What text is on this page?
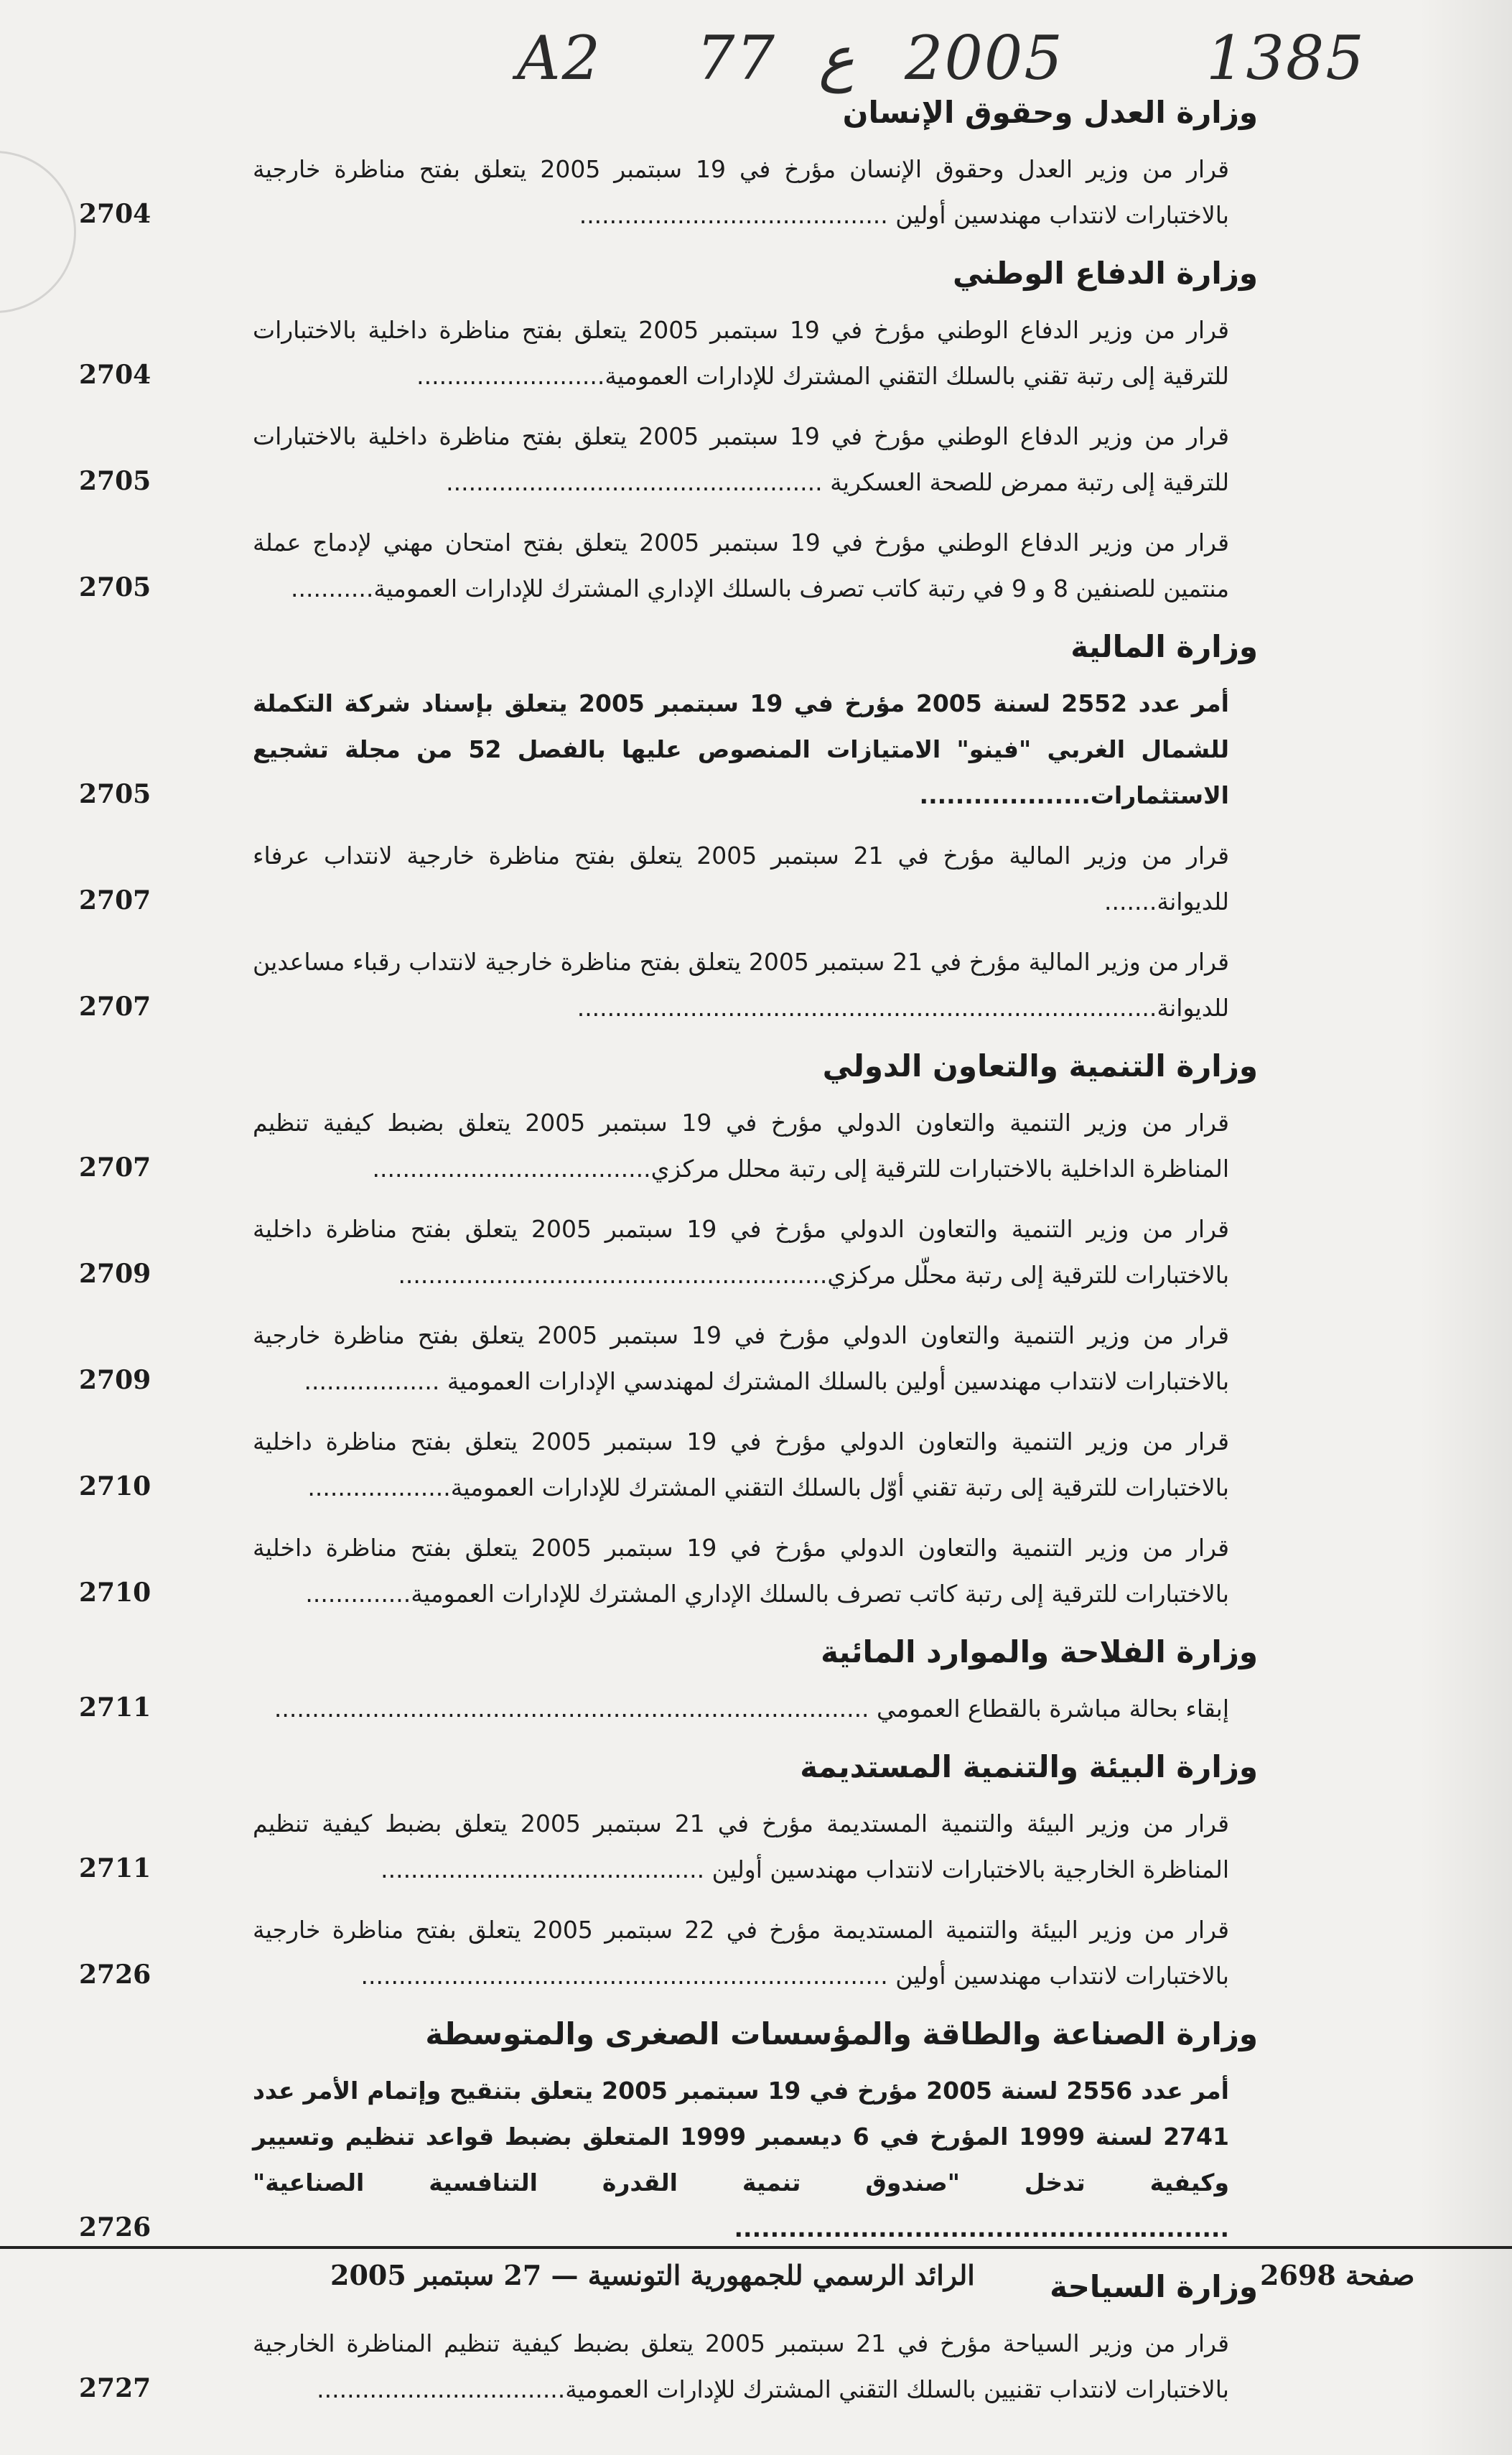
A2 77 ع 2005 1385
وزارة العدل وحقوق الإنسان
قرار من وزير العدل وحقوق الإنسان مؤرخ في 19 سبتمبر 2005 يتعلق بفتح مناظرة خارجية بالاختبارات لانتداب مهندسين أولين .........................................
2704
وزارة الدفاع الوطني
قرار من وزير الدفاع الوطني مؤرخ في 19 سبتمبر 2005 يتعلق بفتح مناظرة داخلية بالاختبارات للترقية إلى رتبة تقني بالسلك التقني المشترك للإدارات العمومية.........................
2704
قرار من وزير الدفاع الوطني مؤرخ في 19 سبتمبر 2005 يتعلق بفتح مناظرة داخلية بالاختبارات للترقية إلى رتبة ممرض للصحة العسكرية ..................................................
2705
قرار من وزير الدفاع الوطني مؤرخ في 19 سبتمبر 2005 يتعلق بفتح امتحان مهني لإدماج عملة منتمين للصنفين 8 و 9 في رتبة كاتب تصرف بالسلك الإداري المشترك للإدارات العمومية...........
2705
وزارة المالية
أمر عدد 2552 لسنة 2005 مؤرخ في 19 سبتمبر 2005 يتعلق بإسناد شركة التكملة للشمال الغربي "فينو" الامتيازات المنصوص عليها بالفصل 52 من مجلة تشجيع الاستثمارات...................
2705
قرار من وزير المالية مؤرخ في 21 سبتمبر 2005 يتعلق بفتح مناظرة خارجية لانتداب عرفاء للديوانة.......
2707
قرار من وزير المالية مؤرخ في 21 سبتمبر 2005 يتعلق بفتح مناظرة خارجية لانتداب رقباء مساعدين للديوانة.............................................................................
2707
وزارة التنمية والتعاون الدولي
قرار من وزير التنمية والتعاون الدولي مؤرخ في 19 سبتمبر 2005 يتعلق بضبط كيفية تنظيم المناظرة الداخلية بالاختبارات للترقية إلى رتبة محلل مركزي.....................................
2707
قرار من وزير التنمية والتعاون الدولي مؤرخ في 19 سبتمبر 2005 يتعلق بفتح مناظرة داخلية بالاختبارات للترقية إلى رتبة محلّل مركزي.........................................................
2709
قرار من وزير التنمية والتعاون الدولي مؤرخ في 19 سبتمبر 2005 يتعلق بفتح مناظرة خارجية بالاختبارات لانتداب مهندسين أولين بالسلك المشترك لمهندسي الإدارات العمومية ..................
2709
قرار من وزير التنمية والتعاون الدولي مؤرخ في 19 سبتمبر 2005 يتعلق بفتح مناظرة داخلية بالاختبارات للترقية إلى رتبة تقني أوّل بالسلك التقني المشترك للإدارات العمومية...................
2710
قرار من وزير التنمية والتعاون الدولي مؤرخ في 19 سبتمبر 2005 يتعلق بفتح مناظرة داخلية بالاختبارات للترقية إلى رتبة كاتب تصرف بالسلك الإداري المشترك للإدارات العمومية..............
2710
وزارة الفلاحة والموارد المائية
إبقاء بحالة مباشرة بالقطاع العمومي ...............................................................................
2711
وزارة البيئة والتنمية المستديمة
قرار من وزير البيئة والتنمية المستديمة مؤرخ في 21 سبتمبر 2005 يتعلق بضبط كيفية تنظيم المناظرة الخارجية بالاختبارات لانتداب مهندسين أولين ...........................................
2711
قرار من وزير البيئة والتنمية المستديمة مؤرخ في 22 سبتمبر 2005 يتعلق بفتح مناظرة خارجية بالاختبارات لانتداب مهندسين أولين ......................................................................
2726
وزارة الصناعة والطاقة والمؤسسات الصغرى والمتوسطة
أمر عدد 2556 لسنة 2005 مؤرخ في 19 سبتمبر 2005 يتعلق بتنقيح وإتمام الأمر عدد 2741 لسنة 1999 المؤرخ في 6 ديسمبر 1999 المتعلق بضبط قواعد تنظيم وتسيير وكيفية تدخل "صندوق تنمية القدرة التنافسية الصناعية" .......................................................
2726
وزارة السياحة
قرار من وزير السياحة مؤرخ في 21 سبتمبر 2005 يتعلق بضبط كيفية تنظيم المناظرة الخارجية بالاختبارات لانتداب تقنيين بالسلك التقني المشترك للإدارات العمومية.................................
2727
الرائد الرسمي للجمهورية التونسية — 27 سبتمبر 2005	صفحة 2698
